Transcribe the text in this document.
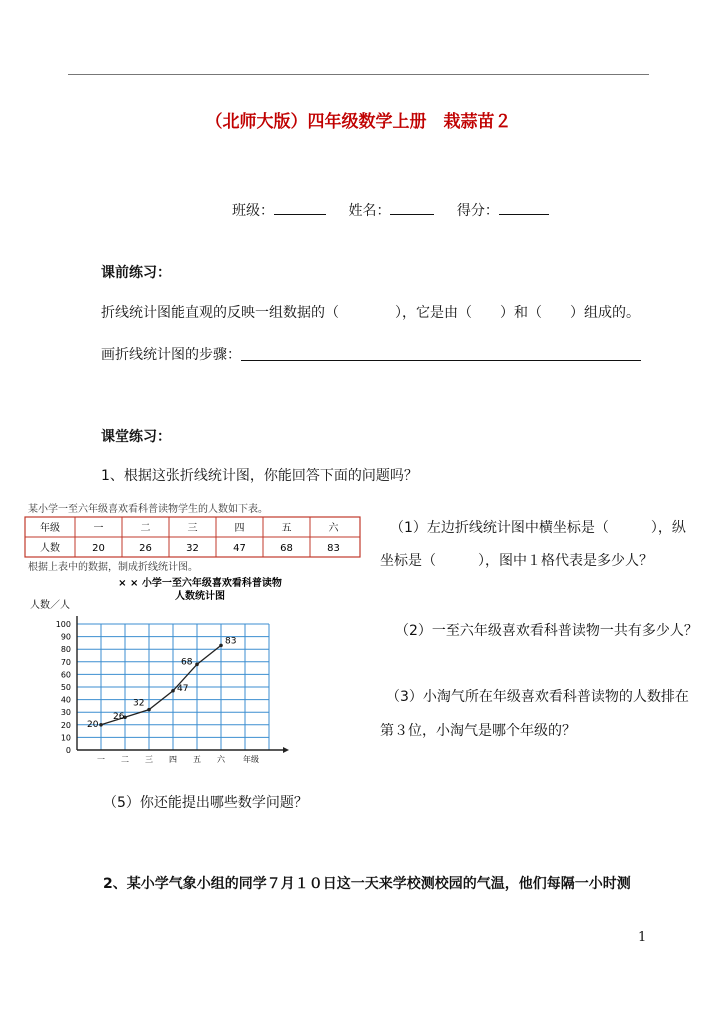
（北师大版）四年级数学上册　栽蒜苗２
班级：	姓名：	得分：
课前练习：
折线统计图能直观的反映一组数据的（　　　　），它是由（　　）和（　　）组成的。
画折线统计图的步骤：
课堂练习：
1、根据这张折线统计图，你能回答下面的问题吗？
某小学一至六年级喜欢看科普读物学生的人数如下表。
年级
人数
一
20
二
26
三
32
四
47
五
68
六
83
根据上表中的数据，制成折线统计图。
× × 小学一至六年级喜欢看科普读物
人数统计图
人数／人
0
10
20
30
40
50
60
70
80
90
100
一 二 三 四 五 六 年级
20
26
32
47
68
83
（1）左边折线统计图中横坐标是（　　　），纵
坐标是（　　　），图中１格代表是多少人？
（2）一至六年级喜欢看科普读物一共有多少人？
（3）小淘气所在年级喜欢看科普读物的人数排在
第３位，小淘气是哪个年级的？
（5）你还能提出哪些数学问题？
2、某小学气象小组的同学７月１０日这一天来学校测校园的气温，他们每隔一小时测
1
